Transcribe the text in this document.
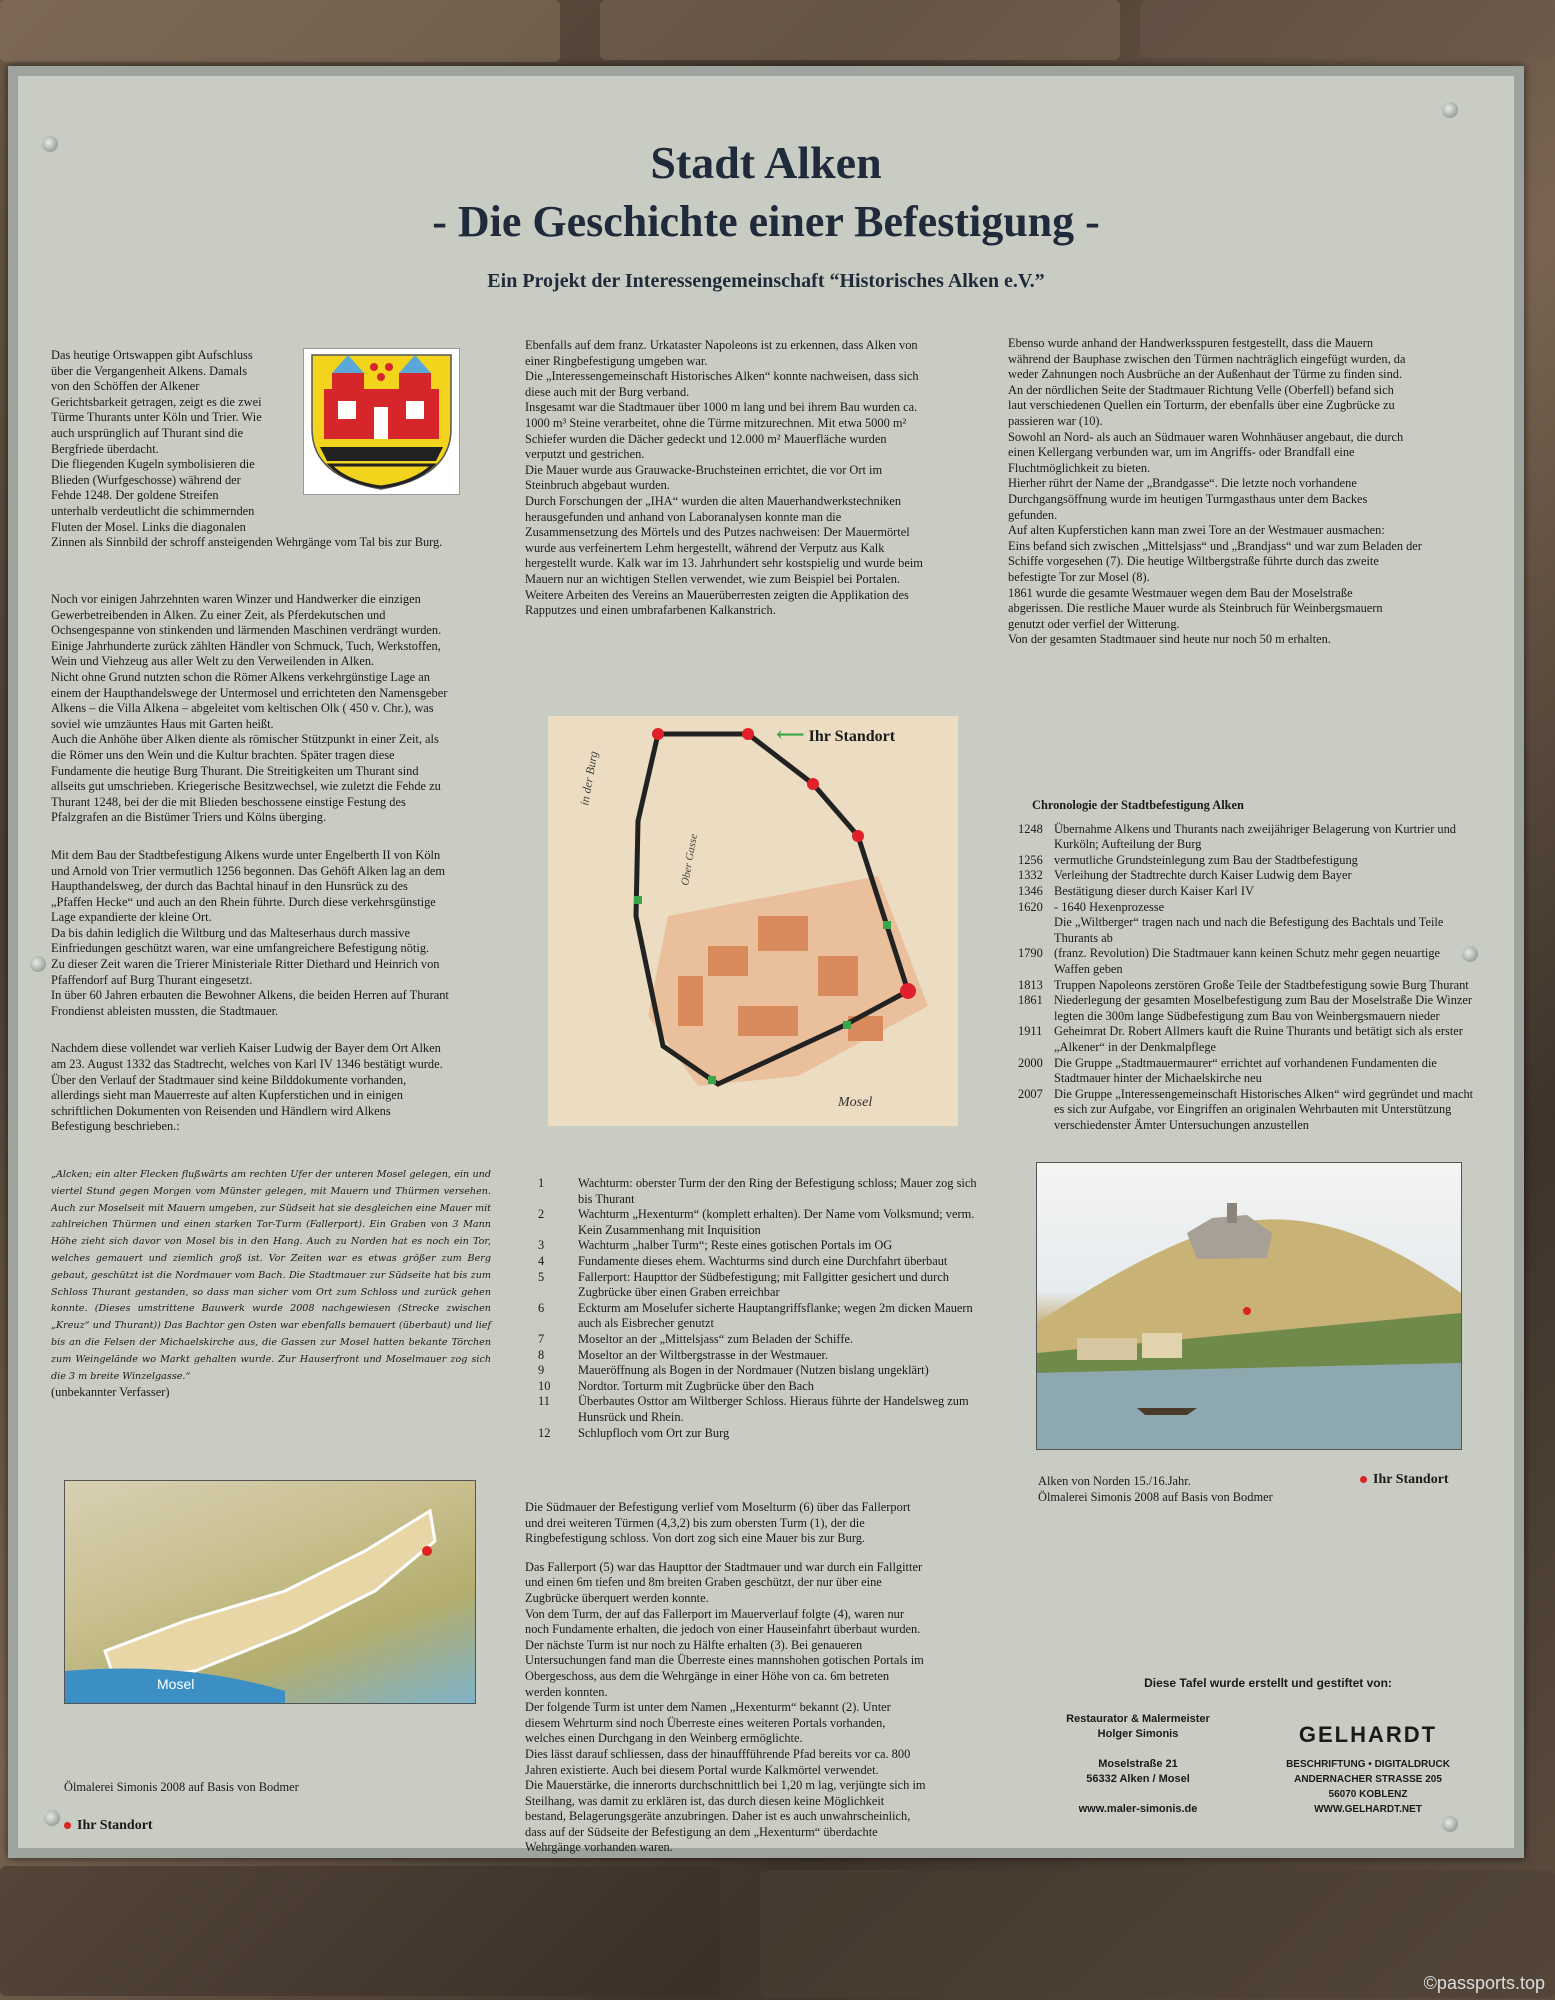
Stadt Alken
- Die Geschichte einer Befestigung -
Ein Projekt der Interessengemeinschaft “Historisches Alken e.V.”

Das heutige Ortswappen gibt Aufschluss
über die Vergangenheit Alkens. Damals
von den Schöffen der Alkener
Gerichtsbarkeit getragen, zeigt es die zwei
Türme Thurants unter Köln und Trier. Wie
auch ursprünglich auf Thurant sind die
Bergfriede überdacht.
Die fliegenden Kugeln symbolisieren die
Blieden (Wurfgeschosse) während der
Fehde 1248. Der goldene Streifen
unterhalb verdeutlicht die schimmernden
Fluten der Mosel. Links die diagonalen
Zinnen als Sinnbild der schroff ansteigenden Wehrgänge vom Tal bis zur Burg.

Noch vor einigen Jahrzehnten waren Winzer und Handwerker die einzigen
Gewerbetreibenden in Alken. Zu einer Zeit, als Pferdekutschen und
Ochsengespanne von stinkenden und lärmenden Maschinen verdrängt wurden.
Einige Jahrhunderte zurück zählten Händler von Schmuck, Tuch, Werkstoffen,
Wein und Viehzeug aus aller Welt zu den Verweilenden in Alken.
Nicht ohne Grund nutzten schon die Römer Alkens verkehrgünstige Lage an
einem der Haupthandelswege der Untermosel und errichteten den Namensgeber
Alkens – die Villa Alkena – abgeleitet vom keltischen Olk ( 450 v. Chr.), was
soviel wie umzäuntes Haus mit Garten heißt.
Auch die Anhöhe über Alken diente als römischer Stützpunkt in einer Zeit, als
die Römer uns den Wein und die Kultur brachten. Später tragen diese
Fundamente die heutige Burg Thurant. Die Streitigkeiten um Thurant sind
allseits gut umschrieben. Kriegerische Besitzwechsel, wie zuletzt die Fehde zu
Thurant 1248, bei der die mit Blieden beschossene einstige Festung des
Pfalzgrafen an die Bistümer Triers und Kölns überging.

Mit dem Bau der Stadtbefestigung Alkens wurde unter Engelberth II von Köln
und Arnold von Trier vermutlich 1256 begonnen. Das Gehöft Alken lag an dem
Haupthandelsweg, der durch das Bachtal hinauf in den Hunsrück zu des
„Pfaffen Hecke“ und auch an den Rhein führte. Durch diese verkehrsgünstige
Lage expandierte der kleine Ort.
Da bis dahin lediglich die Wiltburg und das Malteserhaus durch massive
Einfriedungen geschützt waren, war eine umfangreichere Befestigung nötig.
Zu dieser Zeit waren die Trierer Ministeriale Ritter Diethard und Heinrich von
Pfaffendorf auf Burg Thurant eingesetzt.
In über 60 Jahren erbauten die Bewohner Alkens, die beiden Herren auf Thurant
Frondienst ableisten mussten, die Stadtmauer.

Nachdem diese vollendet war verlieh Kaiser Ludwig der Bayer dem Ort Alken
am 23. August 1332 das Stadtrecht, welches von Karl IV 1346 bestätigt wurde.
Über den Verlauf der Stadtmauer sind keine Bilddokumente vorhanden,
allerdings sieht man Mauerreste auf alten Kupferstichen und in einigen
schriftlichen Dokumenten von Reisenden und Händlern wird Alkens
Befestigung beschrieben.:

„Alcken; ein alter Flecken flußwärts am rechten Ufer der unteren Mosel gelegen, ein und viertel Stund gegen Morgen vom Münster gelegen, mit Mauern und Thürmen versehen. Auch zur Moselseit mit Mauern umgeben, zur Südseit hat sie desgleichen eine Mauer mit zahlreichen Thürmen und einen starken Tor-Turm (Fallerport). Ein Graben von 3 Mann Höhe zieht sich davor von Mosel bis in den Hang. Auch zu Norden hat es noch ein Tor, welches gemauert und ziemlich groß ist. Vor Zeiten war es etwas größer zum Berg gebaut, geschützt ist die Nordmauer vom Bach. Die Stadtmauer zur Südseite hat bis zum Schloss Thurant gestanden, so dass man sicher vom Ort zum Schloss und zurück gehen konnte. (Dieses umstrittene Bauwerk wurde 2008 nachgewiesen (Strecke zwischen „Kreuz“ und Thurant)) Das Bachtor gen Osten war ebenfalls bemauert (überbaut) und lief bis an die Felsen der Michaelskirche aus, die Gassen zur Mosel hatten bekante Törchen zum Weingelände wo Markt gehalten wurde. Zur Hauserfront und Moselmauer zog sich die 3 m breite Winzelgasse.“

(unbekannter Verfasser)

Mosel
Ölmalerei Simonis 2008 auf Basis von Bodmer

Ihr Standort

Ebenfalls auf dem franz. Urkataster Napoleons ist zu erkennen, dass Alken von
einer Ringbefestigung umgeben war.
Die „Interessengemeinschaft Historisches Alken“ konnte nachweisen, dass sich
diese auch mit der Burg verband.
Insgesamt war die Stadtmauer über 1000 m lang und bei ihrem Bau wurden ca.
1000 m³ Steine verarbeitet, ohne die Türme mitzurechnen. Mit etwa 5000 m²
Schiefer wurden die Dächer gedeckt und 12.000 m² Mauerfläche wurden
verputzt und gestrichen.
Die Mauer wurde aus Grauwacke-Bruchsteinen errichtet, die vor Ort im
Steinbruch abgebaut wurden.
Durch Forschungen der „IHA“ wurden die alten Mauerhandwerkstechniken
herausgefunden und anhand von Laboranalysen konnte man die
Zusammensetzung des Mörtels und des Putzes nachweisen: Der Mauermörtel
wurde aus verfeinertem Lehm hergestellt, während der Verputz aus Kalk
hergestellt wurde. Kalk war im 13. Jahrhundert sehr kostspielig und wurde beim
Mauern nur an wichtigen Stellen verwendet, wie zum Beispiel bei Portalen.
Weitere Arbeiten des Vereins an Mauerüberresten zeigten die Applikation des
Rapputzes und einen umbrafarbenen Kalkanstrich.

Mosel
Ober Gasse
in der Burg
⟵ Ihr Standort
1	Wachturm: oberster Turm der den Ring der Befestigung schloss; Mauer zog sich bis Thurant
2	Wachturm „Hexenturm“ (komplett erhalten). Der Name vom Volksmund; verm. Kein Zusammenhang mit Inquisition
3	Wachturm „halber Turm“; Reste eines gotischen Portals im OG
4	Fundamente dieses ehem. Wachturms sind durch eine Durchfahrt überbaut
5	Fallerport: Haupttor der Südbefestigung; mit Fallgitter gesichert und durch Zugbrücke über einen Graben erreichbar
6	Eckturm am Moselufer sicherte Hauptangriffsflanke; wegen 2m dicken Mauern auch als Eisbrecher genutzt
7	Moseltor an der „Mittelsjass“ zum Beladen der Schiffe.
8	Moseltor an der Wiltbergstrasse in der Westmauer.
9	Maueröffnung als Bogen in der Nordmauer (Nutzen bislang ungeklärt)
10	Nordtor. Torturm mit Zugbrücke über den Bach
11	Überbautes Osttor am Wiltberger Schloss. Hieraus führte der Handelsweg zum Hunsrück und Rhein.
12	Schlupfloch vom Ort zur Burg

Die Südmauer der Befestigung verlief vom Moselturm (6) über das Fallerport
und drei weiteren Türmen (4,3,2) bis zum obersten Turm (1), der die
Ringbefestigung schloss. Von dort zog sich eine Mauer bis zur Burg.

Das Fallerport (5) war das Haupttor der Stadtmauer und war durch ein Fallgitter
und einen 6m tiefen und 8m breiten Graben geschützt, der nur über eine
Zugbrücke überquert werden konnte.
Von dem Turm, der auf das Fallerport im Mauerverlauf folgte (4), waren nur
noch Fundamente erhalten, die jedoch von einer Hauseinfahrt überbaut wurden.
Der nächste Turm ist nur noch zu Hälfte erhalten (3). Bei genaueren
Untersuchungen fand man die Überreste eines mannshohen gotischen Portals im
Obergeschoss, aus dem die Wehrgänge in einer Höhe von ca. 6m betreten
werden konnten.
Der folgende Turm ist unter dem Namen „Hexenturm“ bekannt (2). Unter
diesem Wehrturm sind noch Überreste eines weiteren Portals vorhanden,
welches einen Durchgang in den Weinberg ermöglichte.
Dies lässt darauf schliessen, dass der hinauffführende Pfad bereits vor ca. 800
Jahren existierte. Auch bei diesem Portal wurde Kalkmörtel verwendet.
Die Mauerstärke, die innerorts durchschnittlich bei 1,20 m lag, verjüngte sich im
Steilhang, was damit zu erklären ist, das durch diesen keine Möglichkeit
bestand, Belagerungsgeräte anzubringen. Daher ist es auch unwahrscheinlich,
dass auf der Südseite der Befestigung an dem „Hexenturm“ überdachte
Wehrgänge vorhanden waren.

Ebenso wurde anhand der Handwerksspuren festgestellt, dass die Mauern
während der Bauphase zwischen den Türmen nachträglich eingefügt wurden, da
weder Zahnungen noch Ausbrüche an der Außenhaut der Türme zu finden sind.
An der nördlichen Seite der Stadtmauer Richtung Velle (Oberfell) befand sich
laut verschiedenen Quellen ein Torturm, der ebenfalls über eine Zugbrücke zu
passieren war (10).
Sowohl an Nord- als auch an Südmauer waren Wohnhäuser angebaut, die durch
einen Kellergang verbunden war, um im Angriffs- oder Brandfall eine
Fluchtmöglichkeit zu bieten.
Hierher rührt der Name der „Brandgasse“. Die letzte noch vorhandene
Durchgangsöffnung wurde im heutigen Turmgasthaus unter dem Backes
gefunden.
Auf alten Kupferstichen kann man zwei Tore an der Westmauer ausmachen:
Eins befand sich zwischen „Mittelsjass“ und „Brandjass“ und war zum Beladen der
Schiffe vorgesehen (7). Die heutige Wiltbergstraße führte durch das zweite
befestigte Tor zur Mosel (8).
1861 wurde die gesamte Westmauer wegen dem Bau der Moselstraße
abgerissen. Die restliche Mauer wurde als Steinbruch für Weinbergsmauern
genutzt oder verfiel der Witterung.
Von der gesamten Stadtmauer sind heute nur noch 50 m erhalten.

Chronologie der Stadtbefestigung Alken
1248 Übernahme Alkens und Thurants nach zweijähriger Belagerung von Kurtrier und Kurköln; Aufteilung der Burg
1256 vermutliche Grundsteinlegung zum Bau der Stadtbefestigung
1332 Verleihung der Stadtrechte durch Kaiser Ludwig dem Bayer
1346 Bestätigung dieser durch Kaiser Karl IV
1620 - 1640 Hexenprozesse
Die „Wiltberger“ tragen nach und nach die Befestigung des Bachtals und Teile Thurants ab
1790 (franz. Revolution) Die Stadtmauer kann keinen Schutz mehr gegen neuartige Waffen geben
1813 Truppen Napoleons zerstören Große Teile der Stadtbefestigung sowie Burg Thurant
1861 Niederlegung der gesamten Moselbefestigung zum Bau der Moselstraße Die Winzer legten die 300m lange Südbefestigung zum Bau von Weinbergsmauern nieder
1911 Geheimrat Dr. Robert Allmers kauft die Ruine Thurants und betätigt sich als erster „Alkener“ in der Denkmalpflege
2000 Die Gruppe „Stadtmauermaurer“ errichtet auf vorhandenen Fundamenten die Stadtmauer hinter der Michaelskirche neu
2007 Die Gruppe „Interessengemeinschaft Historisches Alken“ wird gegründet und macht es sich zur Aufgabe, vor Eingriffen an originalen Wehrbauten mit Unterstützung verschiedenster Ämter Untersuchungen anzustellen

Ihr Standort

Alken von Norden 15./16.Jahr.
Ölmalerei Simonis 2008 auf Basis von Bodmer
Diese Tafel wurde erstellt und gestiftet von:
Restaurator & Malermeister
Holger Simonis

Moselstraße 21
56332 Alken / Mosel

www.maler-simonis.de

GELHARDT

BESCHRIFTUNG • DIGITALDRUCK
ANDERNACHER STRASSE 205
56070 KOBLENZ
WWW.GELHARDT.NET

©passports.top
